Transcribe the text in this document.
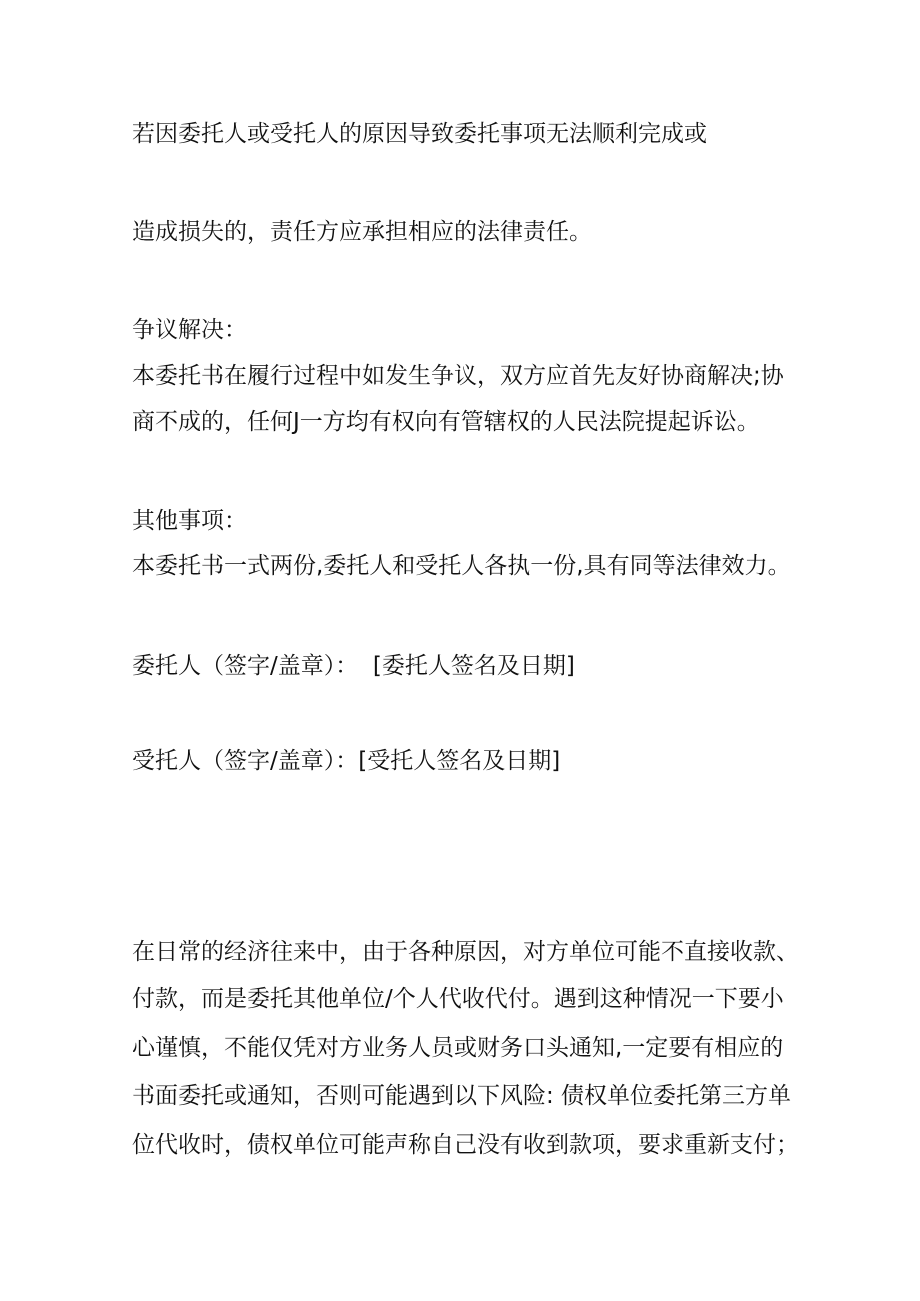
若因委托人或受托人的原因导致委托事项无法顺利完成或
造成损失的，责任方应承担相应的法律责任。
争议解决：
本委托书在履行过程中如发生争议，双方应首先友好协商解决;协
商不成的，任何J一方均有权向有管辖权的人民法院提起诉讼。
其他事项：
本委托书一式两份,委托人和受托人各执一份,具有同等法律效力。
委托人（签字/盖章）：  [委托人签名及日期]
受托人（签字/盖章）：[受托人签名及日期]
在日常的经济往来中，由于各种原因，对方单位可能不直接收款、
付款，而是委托其他单位/个人代收代付。遇到这种情况一下要小
心谨慎，不能仅凭对方业务人员或财务口头通知,一定要有相应的
书面委托或通知，否则可能遇到以下风险: 债权单位委托第三方单
位代收时，债权单位可能声称自己没有收到款项，要求重新支付；
